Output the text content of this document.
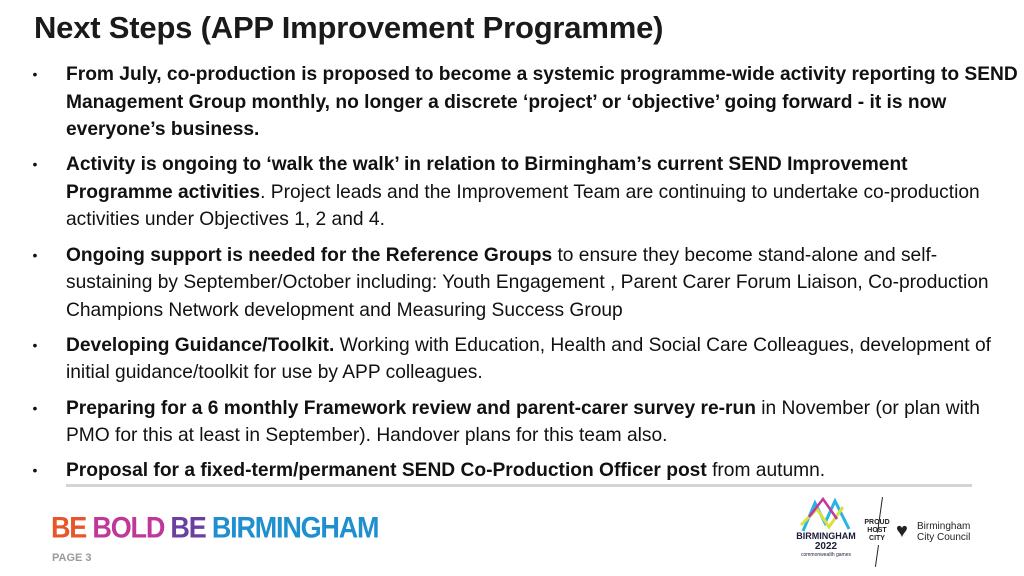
Next Steps (APP Improvement Programme)
• From July, co-production is proposed to become a systemic programme-wide activity reporting to SEND Management Group monthly, no longer a discrete ‘project’ or ‘objective’ going forward - it is now everyone’s business.
• Activity is ongoing to ‘walk the walk’ in relation to Birmingham’s current SEND Improvement Programme activities. Project leads and the Improvement Team are continuing to undertake co-production activities under Objectives 1, 2 and 4.
• Ongoing support is needed for the Reference Groups to ensure they become stand-alone and self-sustaining by September/October including: Youth Engagement , Parent Carer Forum Liaison, Co-production Champions Network development and Measuring Success Group
• Developing Guidance/Toolkit. Working with Education, Health and Social Care Colleagues, development of initial guidance/toolkit for use by APP colleagues.
• Preparing for a 6 monthly Framework review and parent-carer survey re-run in November (or plan with PMO for this at least in September). Handover plans for this team also.
• Proposal for a fixed-term/permanent SEND Co-Production Officer post from autumn.
BE BOLD BE BIRMINGHAM
PAGE 3
BIRMINGHAM
2022
commonwealth games
PROUD
HOST
CITY ♥ Birmingham
City Council
